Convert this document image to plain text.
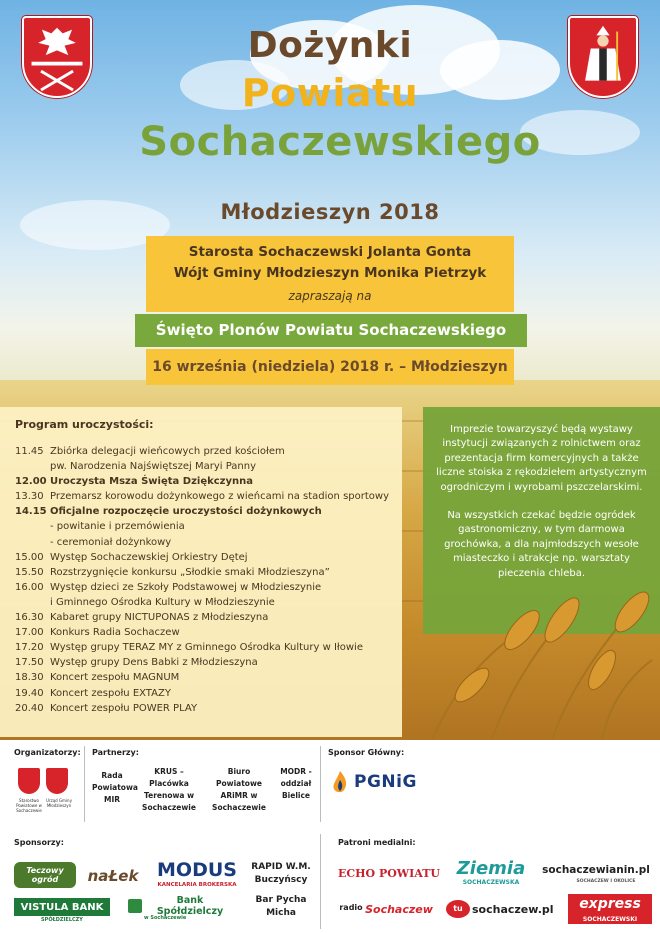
Dożynki
Powiatu
Sochaczewskiego
Młodzieszyn 2018
Starosta Sochaczewski Jolanta Gonta
Wójt Gminy Młodzieszyn Monika Pietrzyk
zapraszają na
Święto Plonów Powiatu Sochaczewskiego
16 września (niedziela) 2018 r. – Młodzieszyn
Program uroczystości:
11.45 Zbiórka delegacji wieńcowych przed kościołem
pw. Narodzenia Najświętszej Maryi Panny
12.00 Uroczysta Msza Święta Dziękczynna
13.30 Przemarsz korowodu dożynkowego z wieńcami na stadion sportowy
14.15 Oficjalne rozpoczęcie uroczystości dożynkowych
- powitanie i przemówienia
- ceremoniał dożynkowy
15.00 Występ Sochaczewskiej Orkiestry Dętej
15.50 Rozstrzygnięcie konkursu „Słodkie smaki Młodzieszyna”
16.00 Występ dzieci ze Szkoły Podstawowej w Młodzieszynie
i Gminnego Ośrodka Kultury w Młodzieszynie
16.30 Kabaret grupy NICTUPONAS z Młodzieszyna
17.00 Konkurs Radia Sochaczew
17.20 Występ grupy TERAZ MY z Gminnego Ośrodka Kultury w Iłowie
17.50 Występ grupy Dens Babki z Młodzieszyna
18.30 Koncert zespołu MAGNUM
19.40 Koncert zespołu EXTAZY
20.40 Koncert zespołu POWER PLAY

Imprezie towarzyszyć będą wystawy instytucji związanych z rolnictwem oraz prezentacja firm komercyjnych a także liczne stoiska z rękodziełem artystycznym ogrodniczym i wyrobami pszczelarskimi.

Na wszystkich czekać będzie ogródek gastronomiczny, w tym darmowa grochówka, a dla najmłodszych wesołe miasteczko i atrakcje np. warsztaty pieczenia chleba.

Organizatorzy:
Starostwo Powiatowe w Sochaczewie
Urząd Gminy Młodzieszyn
Partnerzy:
Rada Powiatowa MIR
KRUS – Placówka Terenowa w Sochaczewie
Biuro Powiatowe ARiMR w Sochaczewie
MODR - oddział Bielice
Sponsor Główny:
PGNiG
Sponsorzy:	Patroni medialni:
Teczowy ogród	naŁek MODUS
KANCELARIA BROKERSKA
RAPID W.M. Buczyńscy
VISTULA BANK
SPÓŁDZIELCZY
Bank Spółdzielczy
w Sochaczewie
Bar Pycha Micha
ECHO POWIATU Ziemia
SOCHACZEWSKA
sochaczewianin.pl
SOCHACZEW I OKOLICE
radio Sochaczew	tu sochaczew.pl	express
SOCHACZEWSKI
